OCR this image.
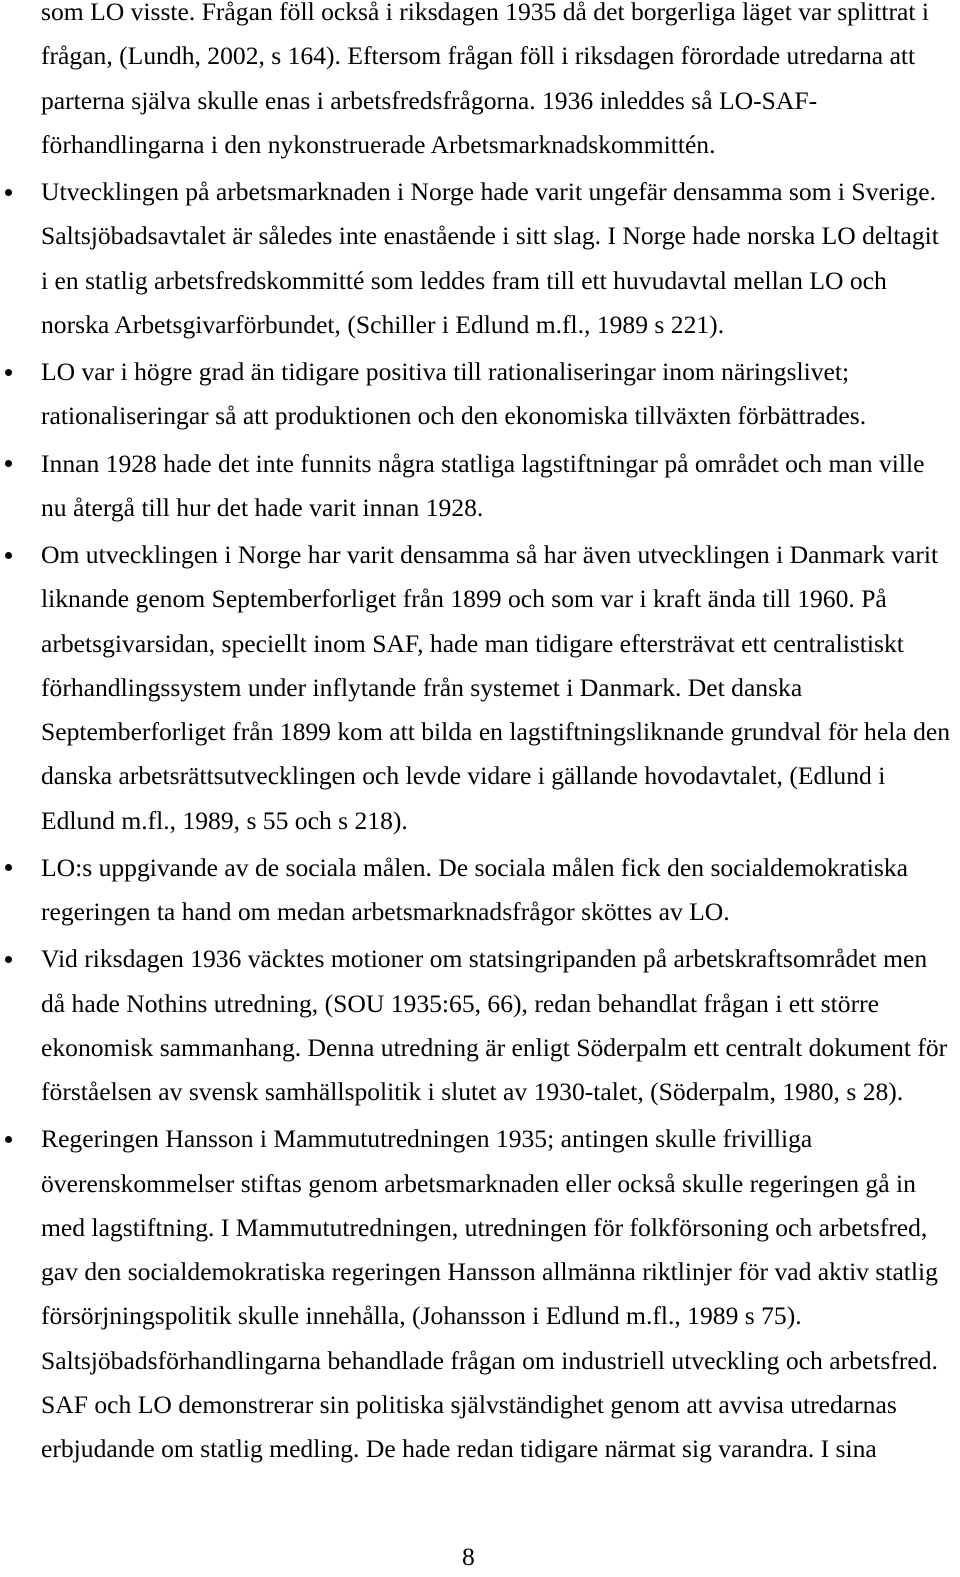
som LO visste. Frågan föll också i riksdagen 1935 då det borgerliga läget var splittrat i
frågan, (Lundh, 2002, s 164). Eftersom frågan föll i riksdagen förordade utredarna att
parterna själva skulle enas i arbetsfredsfrågorna. 1936 inleddes så LO-SAF-
förhandlingarna i den nykonstruerade Arbetsmarknadskommittén.
Utvecklingen på arbetsmarknaden i Norge hade varit ungefär densamma som i Sverige.
Saltsjöbadsavtalet är således inte enastående i sitt slag. I Norge hade norska LO deltagit
i en statlig arbetsfredskommitté som leddes fram till ett huvudavtal mellan LO och
norska Arbetsgivarförbundet, (Schiller i Edlund m.fl., 1989 s 221).
LO var i högre grad än tidigare positiva till rationaliseringar inom näringslivet;
rationaliseringar så att produktionen och den ekonomiska tillväxten förbättrades.
Innan 1928 hade det inte funnits några statliga lagstiftningar på området och man ville
nu återgå till hur det hade varit innan 1928.
Om utvecklingen i Norge har varit densamma så har även utvecklingen i Danmark varit
liknande genom Septemberforliget från 1899 och som var i kraft ända till 1960. På
arbetsgivarsidan, speciellt inom SAF, hade man tidigare eftersträvat ett centralistiskt
förhandlingssystem under inflytande från systemet i Danmark. Det danska
Septemberforliget från 1899 kom att bilda en lagstiftningsliknande grundval för hela den
danska arbetsrättsutvecklingen och levde vidare i gällande hovodavtalet, (Edlund i
Edlund m.fl., 1989, s 55 och s 218).
LO:s uppgivande av de sociala målen. De sociala målen fick den socialdemokratiska
regeringen ta hand om medan arbetsmarknadsfrågor sköttes av LO.
Vid riksdagen 1936 väcktes motioner om statsingripanden på arbetskraftsområdet men
då hade Nothins utredning, (SOU 1935:65, 66), redan behandlat frågan i ett större
ekonomisk sammanhang. Denna utredning är enligt Söderpalm ett centralt dokument för
förståelsen av svensk samhällspolitik i slutet av 1930-talet, (Söderpalm, 1980, s 28).
Regeringen Hansson i Mammututredningen 1935; antingen skulle frivilliga
överenskommelser stiftas genom arbetsmarknaden eller också skulle regeringen gå in
med lagstiftning. I Mammututredningen, utredningen för folkförsoning och arbetsfred,
gav den socialdemokratiska regeringen Hansson allmänna riktlinjer för vad aktiv statlig
försörjningspolitik skulle innehålla, (Johansson i Edlund m.fl., 1989 s 75).
Saltsjöbadsförhandlingarna behandlade frågan om industriell utveckling och arbetsfred.
SAF och LO demonstrerar sin politiska självständighet genom att avvisa utredarnas
erbjudande om statlig medling. De hade redan tidigare närmat sig varandra. I sina
8
